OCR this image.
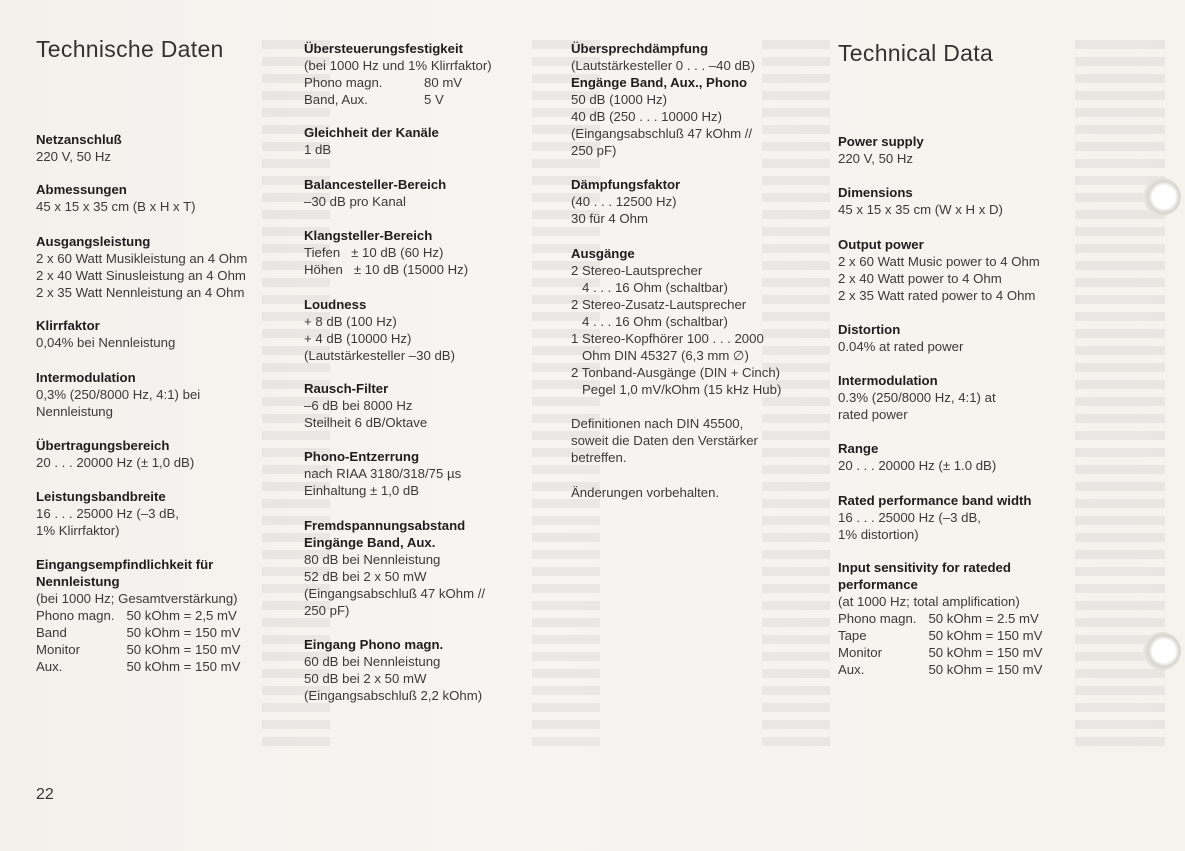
Technische Daten	Technical Data
Netzanschluß
220 V, 50 Hz
Abmessungen
45 x 15 x 35 cm (B x H x T)
Ausgangsleistung
2 x 60 Watt Musikleistung an 4 Ohm
2 x 40 Watt Sinusleistung an 4 Ohm
2 x 35 Watt Nennleistung an 4 Ohm
Klirrfaktor
0,04% bei Nennleistung
Intermodulation
0,3% (250/8000 Hz, 4:1) bei
Nennleistung
Übertragungsbereich
20 . . . 20000 Hz (± 1,0 dB)
Leistungsbandbreite
16 . . . 25000 Hz (–3 dB,
1% Klirrfaktor)
Eingangsempfindlichkeit für
Nennleistung
(bei 1000 Hz; Gesamtverstärkung)
Phono magn. 50 kOhm = 2,5 mV
Band	50 kOhm = 150 mV
Monitor	50 kOhm = 150 mV
Aux.	50 kOhm = 150 mV
Übersteuerungsfestigkeit
(bei 1000 Hz und 1% Klirrfaktor)
Phono magn.	80 mV
Band, Aux.	5 V
Gleichheit der Kanäle
1 dB
Balancesteller-Bereich
–30 dB pro Kanal
Klangsteller-Bereich
Tiefen   ± 10 dB (60 Hz)
Höhen   ± 10 dB (15000 Hz)
Loudness
+ 8 dB (100 Hz)
+ 4 dB (10000 Hz)
(Lautstärkesteller –30 dB)
Rausch-Filter
–6 dB bei 8000 Hz
Steilheit 6 dB/Oktave
Phono-Entzerrung
nach RIAA 3180/318/75 µs
Einhaltung ± 1,0 dB
Fremdspannungsabstand
Eingänge Band, Aux.
80 dB bei Nennleistung
52 dB bei 2 x 50 mW
(Eingangsabschluß 47 kOhm //
250 pF)
Eingang Phono magn.
60 dB bei Nennleistung
50 dB bei 2 x 50 mW
(Eingangsabschluß 2,2 kOhm)
Übersprechdämpfung
(Lautstärkesteller 0 . . . –40 dB)
Engänge Band, Aux., Phono
50 dB (1000 Hz)
40 dB (250 . . . 10000 Hz)
(Eingangsabschluß 47 kOhm //
250 pF)
Dämpfungsfaktor
(40 . . . 12500 Hz)
30 für 4 Ohm
Ausgänge
2 Stereo-Lautsprecher
4 . . . 16 Ohm (schaltbar)
2 Stereo-Zusatz-Lautsprecher
4 . . . 16 Ohm (schaltbar)
1 Stereo-Kopfhörer 100 . . . 2000
Ohm DIN 45327 (6,3 mm ∅)
2 Tonband-Ausgänge (DIN + Cinch)
Pegel 1,0 mV/kOhm (15 kHz Hub)
Definitionen nach DIN 45500,
soweit die Daten den Verstärker
betreffen.
Änderungen vorbehalten.
Power supply
220 V, 50 Hz
Dimensions
45 x 15 x 35 cm (W x H x D)
Output power
2 x 60 Watt Music power to 4 Ohm
2 x 40 Watt power to 4 Ohm
2 x 35 Watt rated power to 4 Ohm
Distortion
0.04% at rated power
Intermodulation
0.3% (250/8000 Hz, 4:1) at
rated power
Range
20 . . . 20000 Hz (± 1.0 dB)
Rated performance band width
16 . . . 25000 Hz (–3 dB,
1% distortion)
Input sensitivity for rateded
performance
(at 1000 Hz; total amplification)
Phono magn. 50 kOhm = 2.5 mV
Tape	50 kOhm = 150 mV
Monitor	50 kOhm = 150 mV
Aux.	50 kOhm = 150 mV
22
